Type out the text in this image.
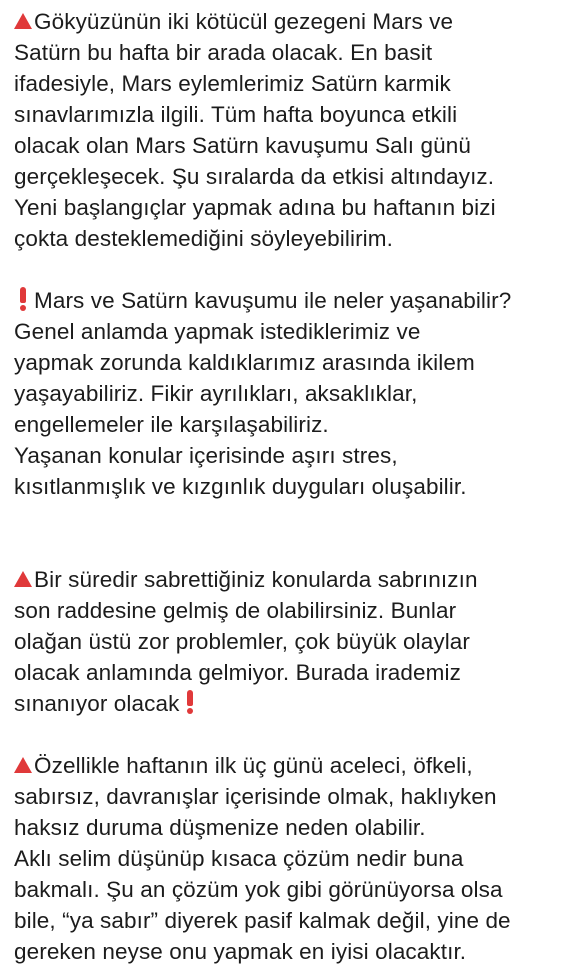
Gökyüzünün iki kötücül gezegeni Mars ve
Satürn bu hafta bir arada olacak. En basit
ifadesiyle, Mars eylemlerimiz Satürn karmik
sınavlarımızla ilgili. Tüm hafta boyunca etkili
olacak olan Mars Satürn kavuşumu Salı günü
gerçekleşecek. Şu sıralarda da etkisi altındayız.
Yeni başlangıçlar yapmak adına bu haftanın bizi
çokta desteklemediğini söyleyebilirim.
Mars ve Satürn kavuşumu ile neler yaşanabilir?
Genel anlamda yapmak istediklerimiz ve
yapmak zorunda kaldıklarımız arasında ikilem
yaşayabiliriz. Fikir ayrılıkları, aksaklıklar,
engellemeler ile karşılaşabiliriz.
Yaşanan konular içerisinde aşırı stres,
kısıtlanmışlık ve kızgınlık duyguları oluşabilir.
Bir süredir sabrettiğiniz konularda sabrınızın
son raddesine gelmiş de olabilirsiniz. Bunlar
olağan üstü zor problemler, çok büyük olaylar
olacak anlamında gelmiyor. Burada irademiz
sınanıyor olacak
Özellikle haftanın ilk üç günü aceleci, öfkeli,
sabırsız, davranışlar içerisinde olmak, haklıyken
haksız duruma düşmenize neden olabilir.
Aklı selim düşünüp kısaca çözüm nedir buna
bakmalı. Şu an çözüm yok gibi görünüyorsa olsa
bile, “ya sabır” diyerek pasif kalmak değil, yine de
gereken neyse onu yapmak en iyisi olacaktır.
